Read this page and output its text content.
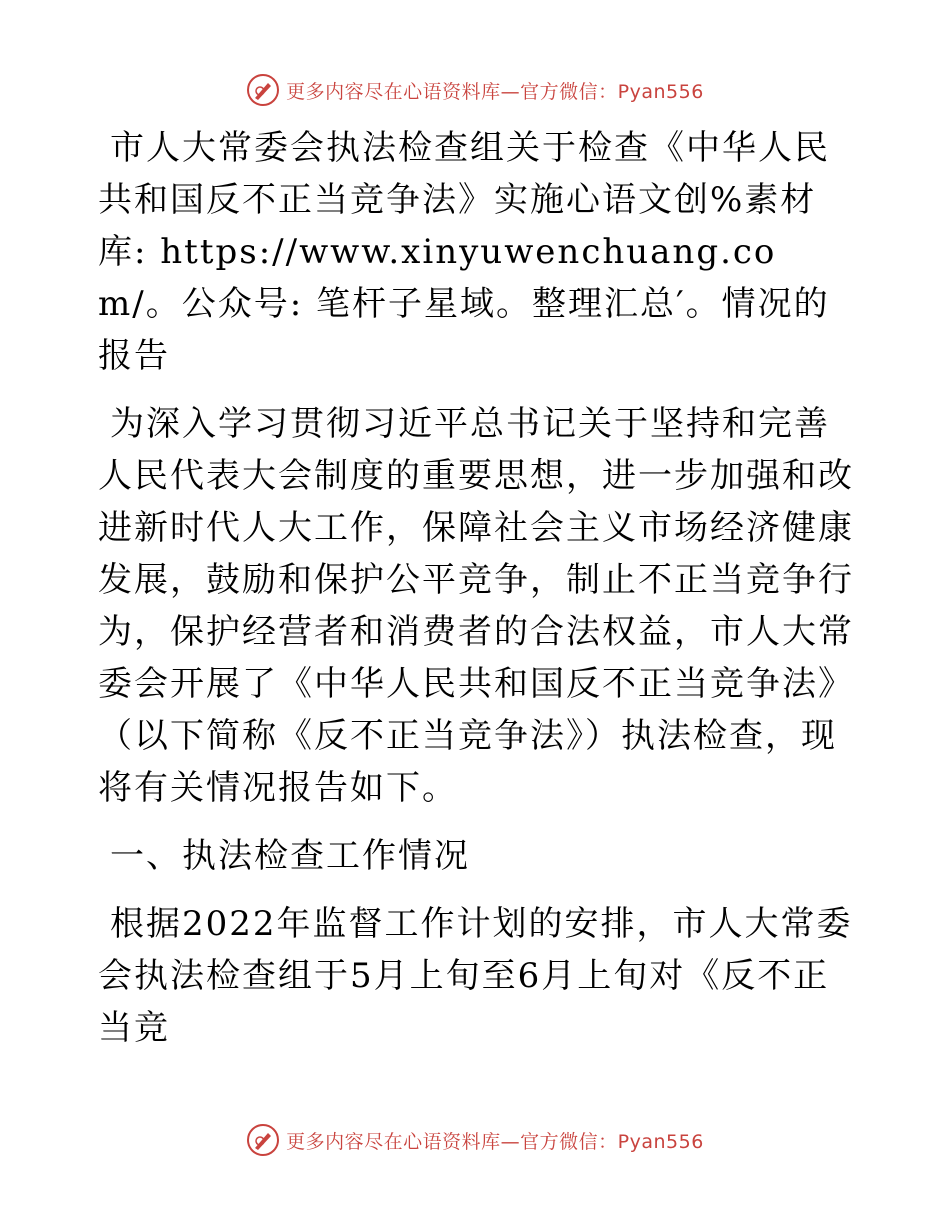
更多内容尽在心语资料库—官方微信：Pyan556

市人大常委会执法检查组关于检查《中华人民共和国反不正当竞争法》实施心语文创%素材库: https://www.xinyuwenchuang.com/。公众号: 笔杆子星域。整理汇总′。情况的报告

为深入学习贯彻习近平总书记关于坚持和完善人民代表大会制度的重要思想，进一步加强和改进新时代人大工作，保障社会主义市场经济健康发展，鼓励和保护公平竞争，制止不正当竞争行为，保护经营者和消费者的合法权益，市人大常委会开展了《中华人民共和国反不正当竞争法》（以下简称《反不正当竞争法》）执法检查，现将有关情况报告如下。

一、执法检查工作情况

根据2022年监督工作计划的安排，市人大常委会执法检查组于5月上旬至6月上旬对《反不正当竞

更多内容尽在心语资料库—官方微信：Pyan556
